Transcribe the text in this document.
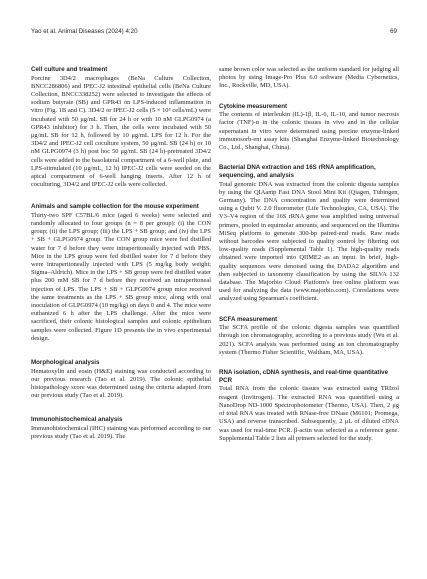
Yao et al. Animal Diseases (2024) 4:20	69
Cell culture and treatment

Porcine 3D4/2 macrophages (BeNa Culture Collection, BNCC286806) and IPEC-J2 intestinal epithelial cells (BeNa Culture Collection, BNCC338252) were selected to investigate the effects of sodium butyrate (SB) and GPR43 on LPS-induced inflammation in vitro (Fig. 1B and C). 3D4/2 or IPEC-J2 cells (5 × 10⁵ cells/mL) were incubated with 50 μg/mL SB for 24 h or with 10 nM GLPG0974 (a GPR43 inhibitor) for 3 h. Then, the cells were incubated with 50 μg/mL SB for 12 h, followed by 10 μg/mL LPS for 12 h. For the 3D4/2 and IPEC-J2 cell coculture system, 50 μg/mL SB (24 h) or 10 nM GLPG0974 (3 h) post hoc 50 μg/mL SB (24 h)-pretreated 3D4/2 cells were added to the basolateral compartment of a 6-well plate, and LPS-stimulated (10 μg/mL, 12 h) IPEC-J2 cells were seeded on the apical compartment of 6-well hanging inserts. After 12 h of coculturing, 3D4/2 and IPEC-J2 cells were collected.

Animals and sample collection for the mouse experiment

Thirty-two SPF C57BL/6 mice (aged 6 weeks) were selected and randomly allocated to four groups (n = 8 per group): (i) the CON group; (ii) the LPS group; (iii) the LPS + SB group; and (iv) the LPS + SB + GLPG0974 group. The CON group mice were fed distilled water for 7 d before they were intraperitoneally injected with PBS. Mice in the LPS group were fed distilled water for 7 d before they were intraperitoneally injected with LPS (5 mg/kg body weight; Sigma–Aldrich). Mice in the LPS + SB group were fed distilled water plus 200 mM SB for 7 d before they received an intraperitoneal injection of LPS. The LPS + SB + GLPG0974 group mice received the same treatments as the LPS + SB group mice, along with oral inoculation of GLPG0974 (10 mg/kg) on days 0 and 4. The mice were euthanized 6 h after the LPS challenge. After the mice were sacrificed, their colonic histological samples and colonic epithelium samples were collected. Figure 1D presents the in vivo experimental design.

Morphological analysis

Hematoxylin and eosin (H&E) staining was conducted according to our previous research (Tao et al. 2019). The colonic epithelial histopathology score was determined using the criteria adapted from our previous study (Tao et al. 2019).

Immunohistochemical analysis

Immunohistochemical (IHC) staining was performed according to our previous study (Tao et al. 2019). The

same brown color was selected as the uniform standard for judging all photos by using Image-Pro Plus 6.0 software (Media Cybernetics, Inc., Rockville, MD, USA).

Cytokine measurement

The contents of interleukin (IL)-1β, IL-6, IL-10, and tumor necrosis factor (TNF)-α in the colonic tissues in vivo and in the cellular supernatant in vitro were determined using porcine enzyme-linked immunosorb-ent assay kits (Shanghai Enzyme-linked Biotechnology Co., Ltd., Shanghai, China).

Bacterial DNA extraction and 16S rRNA amplification, sequencing, and analysis

Total genomic DNA was extracted from the colonic digesta samples by using the QIAamp Fast DNA Stool Mini Kit (Qiagen, Tübingen, Germany). The DNA concentration and quality were determined using a Qubit V. 2.0 fluorometer (Life Technologies, CA, USA). The V3–V4 region of the 16S rRNA gene was amplified using universal primers, pooled in equimolar amounts, and sequenced on the Illumina MiSeq platform to generate 300-bp paired-end reads. Raw reads without barcodes were subjected to quality control by filtering out low-quality reads (Supplemental Table 1). The high-quality reads obtained were imported into QIIME2 as an input. In brief, high-quality sequences were denoised using the DADA2 algorithm and then subjected to taxonomy classification by using the SILVA 132 database. The Majorbio Cloud Platform's free online platform was used for analyzing the data (www.majorbio.com). Correlations were analyzed using Spearman's coefficient.

SCFA measurement

The SCFA profile of the colonic digesta samples was quantified through ion chromatography, according to a previous study (Wu et al. 2021). SCFA analysis was performed using an ion chromatography system (Thermo Fisher Scientific, Waltham, MA, USA).

RNA isolation, cDNA synthesis, and real-time quantitative PCR

Total RNA from the colonic tissues was extracted using TRIzol reagent (Invitrogen). The extracted RNA was quantified using a NanoDrop ND-1000 Spectrophotometer (Thermo, USA). Then, 2 μg of total RNA was treated with RNase-free DNase (M6101; Promega, USA) and reverse transcribed. Subsequently, 2 μL of diluted cDNA was used for real-time PCR. β-actin was selected as a reference gene. Supplemental Table 2 lists all primers selected for the study.
